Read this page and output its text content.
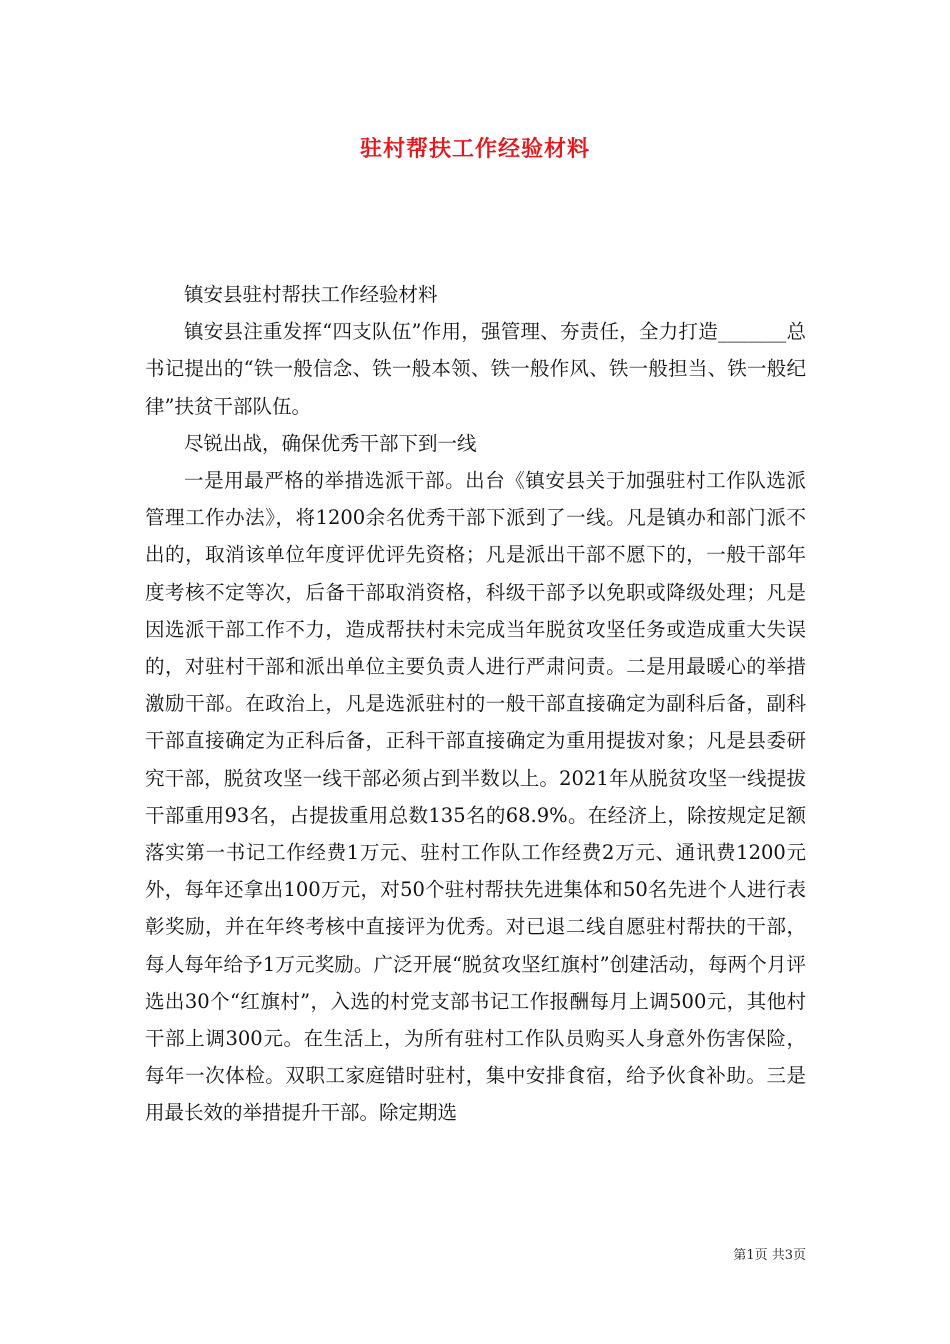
驻村帮扶工作经验材料

镇安县驻村帮扶工作经验材料

镇安县注重发挥“四支队伍”作用，强管理、夯责任，全力打造_______总书记提出的“铁一般信念、铁一般本领、铁一般作风、铁一般担当、铁一般纪律”扶贫干部队伍。

尽锐出战，确保优秀干部下到一线

一是用最严格的举措选派干部。出台《镇安县关于加强驻村工作队选派管理工作办法》，将1200余名优秀干部下派到了一线。凡是镇办和部门派不出的，取消该单位年度评优评先资格；凡是派出干部不愿下的，一般干部年度考核不定等次，后备干部取消资格，科级干部予以免职或降级处理；凡是因选派干部工作不力，造成帮扶村未完成当年脱贫攻坚任务或造成重大失误的，对驻村干部和派出单位主要负责人进行严肃问责。二是用最暖心的举措激励干部。在政治上，凡是选派驻村的一般干部直接确定为副科后备，副科干部直接确定为正科后备，正科干部直接确定为重用提拔对象；凡是县委研究干部，脱贫攻坚一线干部必须占到半数以上。2021年从脱贫攻坚一线提拔干部重用93名，占提拔重用总数135名的68.9%。在经济上，除按规定足额落实第一书记工作经费1万元、驻村工作队工作经费2万元、通讯费1200元外，每年还拿出100万元，对50个驻村帮扶先进集体和50名先进个人进行表彰奖励，并在年终考核中直接评为优秀。对已退二线自愿驻村帮扶的干部，每人每年给予1万元奖励。广泛开展“脱贫攻坚红旗村”创建活动，每两个月评选出30个“红旗村”，入选的村党支部书记工作报酬每月上调500元，其他村干部上调300元。在生活上，为所有驻村工作队员购买人身意外伤害保险，每年一次体检。双职工家庭错时驻村，集中安排食宿，给予伙食补助。三是用最长效的举措提升干部。除定期选

第1页 共3页
